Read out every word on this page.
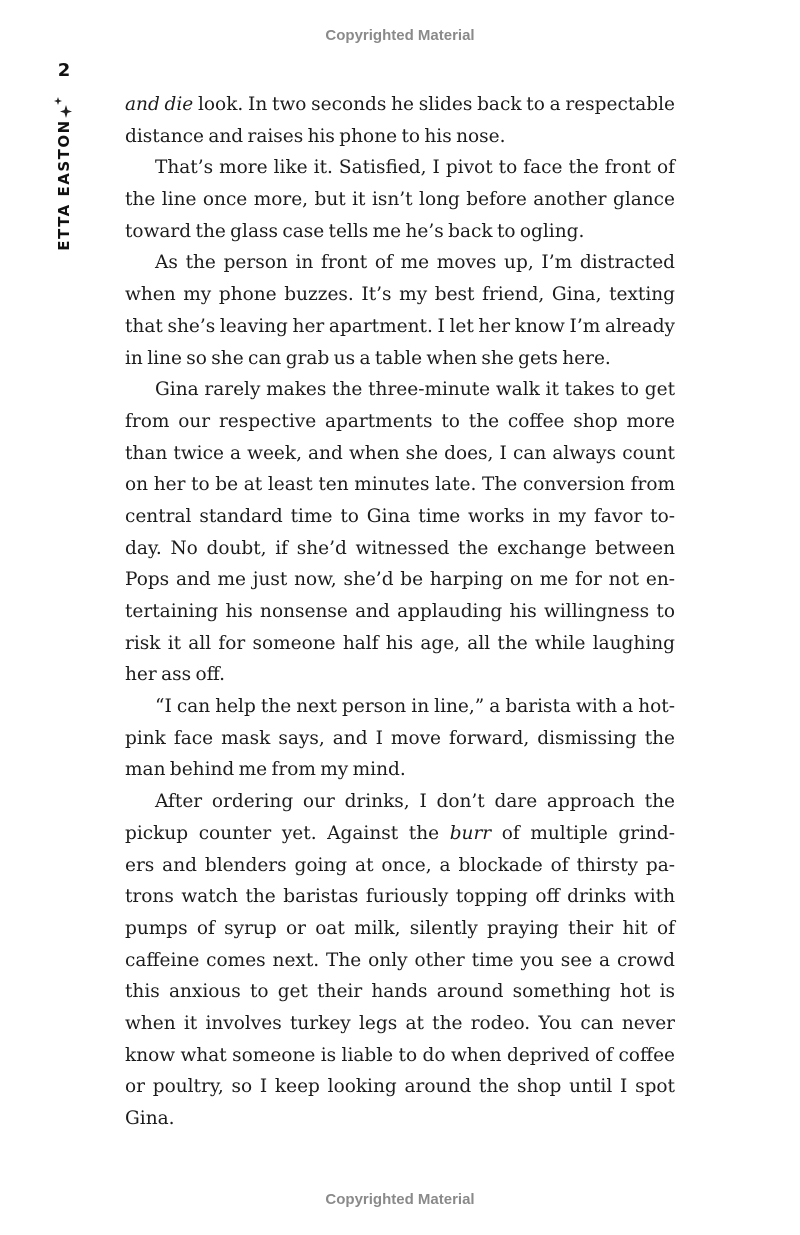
Copyrighted Material
2
ETTA EASTON
and die look. In two seconds he slides back to a respectable
distance and raises his phone to his nose.
That’s more like it. Satisfied, I pivot to face the front of
the line once more, but it isn’t long before another glance
toward the glass case tells me he’s back to ogling.
As the person in front of me moves up, I’m distracted
when my phone buzzes. It’s my best friend, Gina, texting
that she’s leaving her apartment. I let her know I’m already
in line so she can grab us a table when she gets here.
Gina rarely makes the three-minute walk it takes to get
from our respective apartments to the coffee shop more
than twice a week, and when she does, I can always count
on her to be at least ten minutes late. The conversion from
central standard time to Gina time works in my favor to-
day. No doubt, if she’d witnessed the exchange between
Pops and me just now, she’d be harping on me for not en-
tertaining his nonsense and applauding his willingness to
risk it all for someone half his age, all the while laughing
her ass off.
“I can help the next person in line,” a barista with a hot-
pink face mask says, and I move forward, dismissing the
man behind me from my mind.
After ordering our drinks, I don’t dare approach the
pickup counter yet. Against the burr of multiple grind-
ers and blenders going at once, a blockade of thirsty pa-
trons watch the baristas furiously topping off drinks with
pumps of syrup or oat milk, silently praying their hit of
caffeine comes next. The only other time you see a crowd
this anxious to get their hands around something hot is
when it involves turkey legs at the rodeo. You can never
know what someone is liable to do when deprived of coffee
or poultry, so I keep looking around the shop until I spot
Gina.
Copyrighted Material
